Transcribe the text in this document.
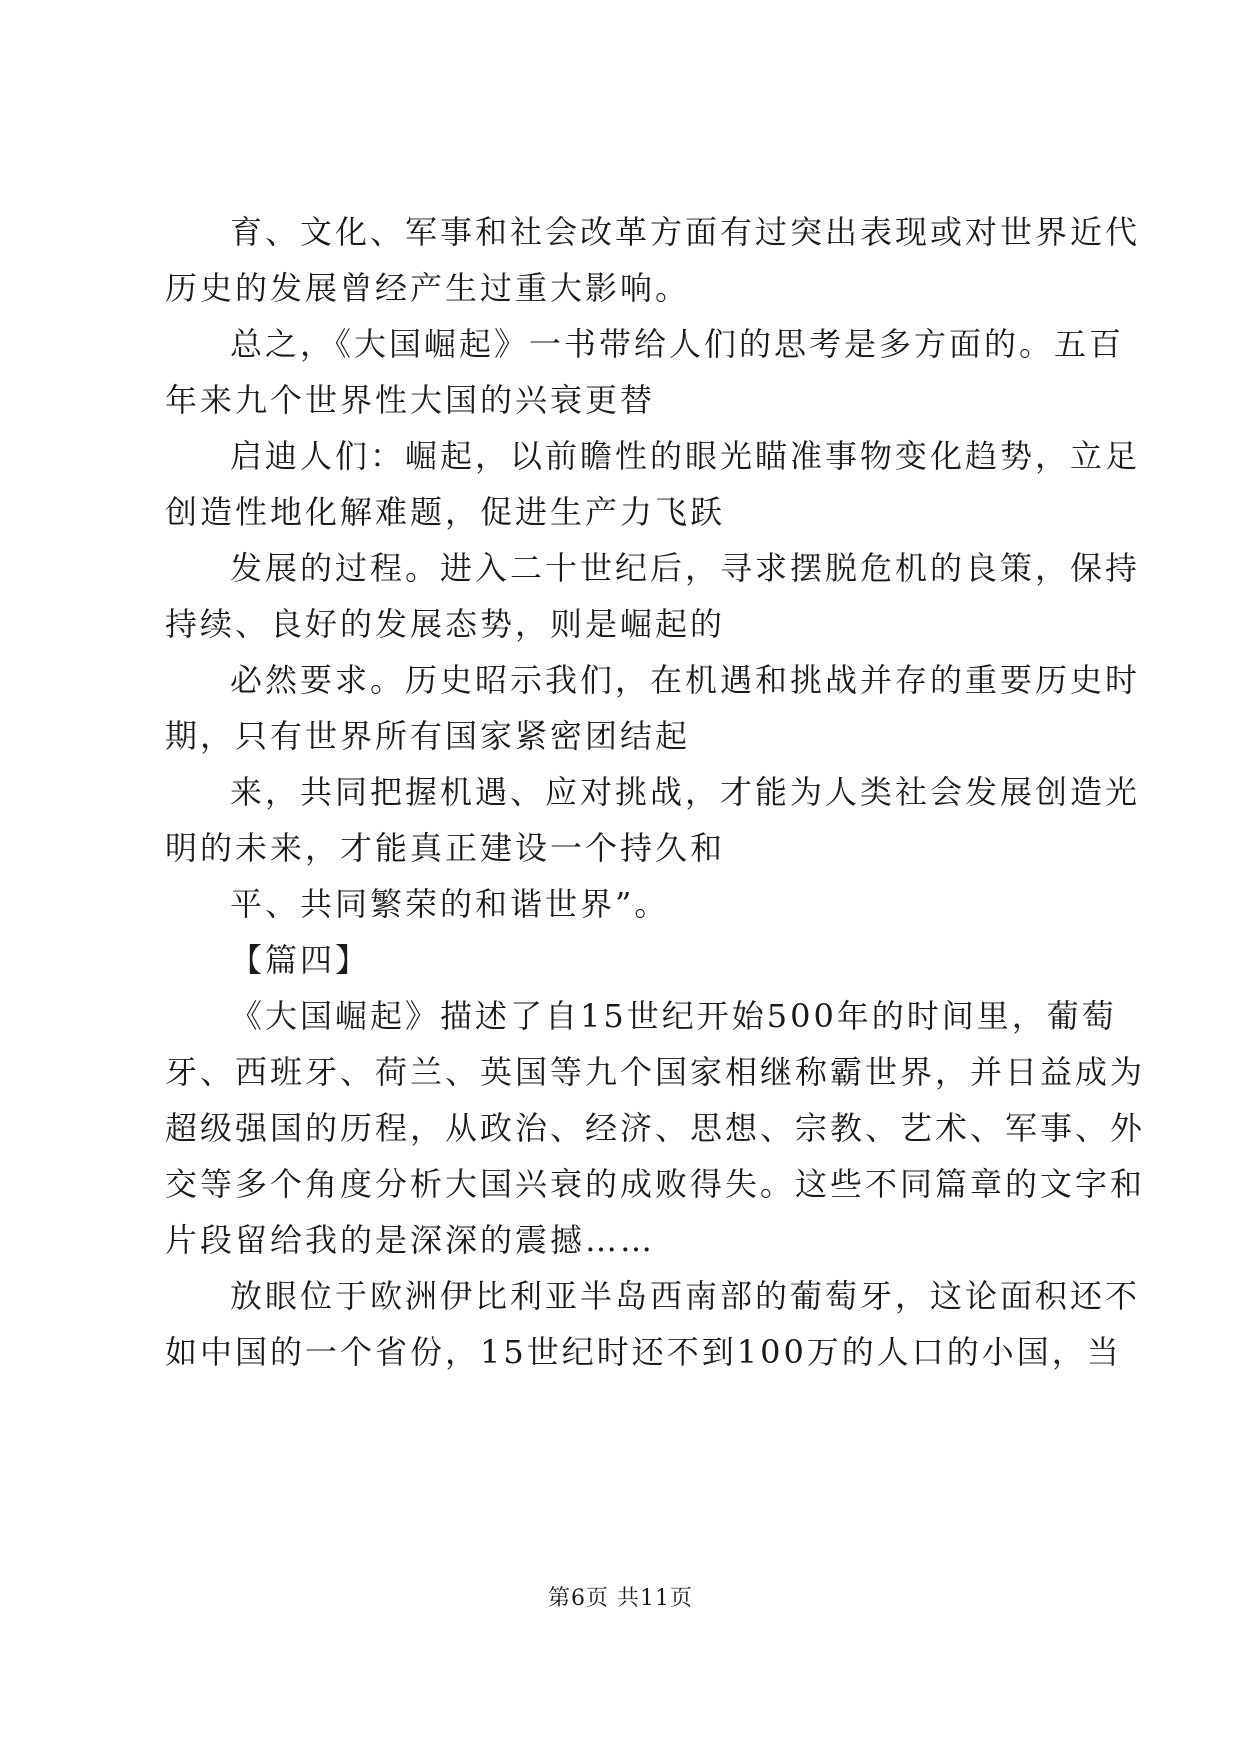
育、文化、军事和社会改革方面有过突出表现或对世界近代
历史的发展曾经产生过重大影响。
总之，《大国崛起》一书带给人们的思考是多方面的。五百
年来九个世界性大国的兴衰更替
启迪人们：崛起，以前瞻性的眼光瞄准事物变化趋势，立足
创造性地化解难题，促进生产力飞跃
发展的过程。进入二十世纪后，寻求摆脱危机的良策，保持
持续、良好的发展态势，则是崛起的
必然要求。历史昭示我们，在机遇和挑战并存的重要历史时
期，只有世界所有国家紧密团结起
来，共同把握机遇、应对挑战，才能为人类社会发展创造光
明的未来，才能真正建设一个持久和
平、共同繁荣的和谐世界”。
【篇四】
《大国崛起》描述了自15世纪开始500年的时间里，葡萄
牙、西班牙、荷兰、英国等九个国家相继称霸世界，并日益成为
超级强国的历程，从政治、经济、思想、宗教、艺术、军事、外
交等多个角度分析大国兴衰的成败得失。这些不同篇章的文字和
片段留给我的是深深的震撼……
放眼位于欧洲伊比利亚半岛西南部的葡萄牙，这论面积还不
如中国的一个省份，15世纪时还不到100万的人口的小国，当
第6页 共11页
